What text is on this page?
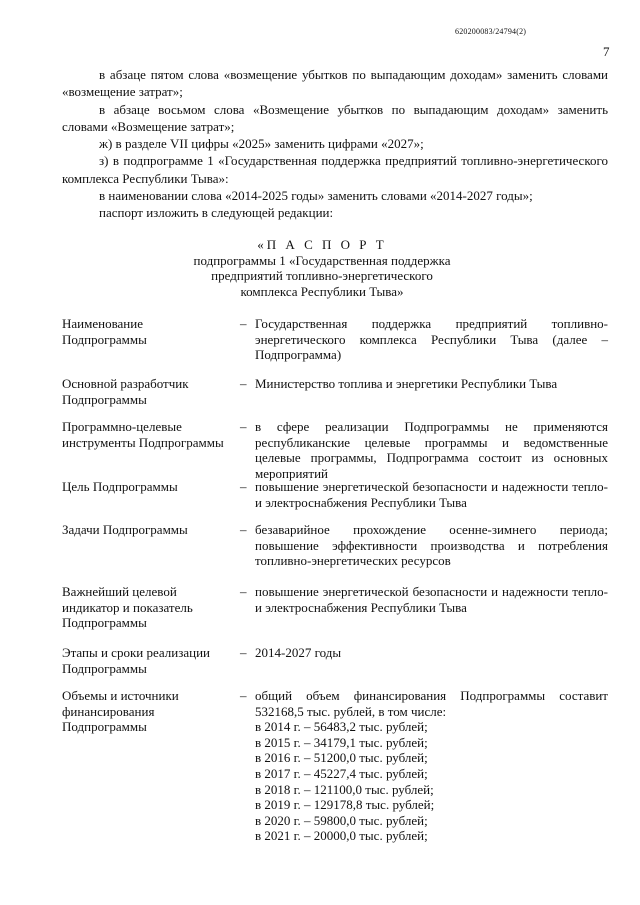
620200083/24794(2)
7

в абзаце пятом слова «возмещение убытков по выпадающим доходам» заменить словами «возмещение затрат»;

в абзаце восьмом слова «Возмещение убытков по выпадающим доходам» заменить словами «Возмещение затрат»;

ж) в разделе VII цифры «2025» заменить цифрами «2027»;

з) в подпрограмме 1 «Государственная поддержка предприятий топливно-энергетического комплекса Республики Тыва»:

в наименовании слова «2014-2025 годы» заменить словами «2014-2027 годы»;

паспорт изложить в следующей редакции:

«П А С П О Р Т
подпрограммы 1 «Государственная поддержка
предприятий топливно-энергетического
комплекса Республики Тыва»
Наименование Подпрограммы
– Государственная поддержка предприятий топливно-энергетического комплекса Республики Тыва (далее – Подпрограмма)
Основной разработчик Подпрограммы
– Министерство топлива и энергетики Республики Тыва
Программно-целевые инструменты Подпрограммы
– в сфере реализации Подпрограммы не применяются республиканские целевые программы и ведомственные целевые программы, Подпрограмма состоит из основных мероприятий
Цель Подпрограммы	– повышение энергетической безопасности и надежности тепло- и электроснабжения Республики Тыва
Задачи Подпрограммы	– безаварийное прохождение осенне-зимнего периода; повышение эффективности производства и потребления топливно-энергетических ресурсов
Важнейший целевой индикатор и показатель Подпрограммы
– повышение энергетической безопасности и надежности тепло- и электроснабжения Республики Тыва
Этапы и сроки реализации Подпрограммы
– 2014-2027 годы
Объемы и источники финансирования Подпрограммы
– общий объем финансирования Подпрограммы составит 532168,5 тыс. рублей, в том числе:
в 2014 г. – 56483,2 тыс. рублей;
в 2015 г. – 34179,1 тыс. рублей;
в 2016 г. – 51200,0 тыс. рублей;
в 2017 г. – 45227,4 тыс. рублей;
в 2018 г. – 121100,0 тыс. рублей;
в 2019 г. – 129178,8 тыс. рублей;
в 2020 г. – 59800,0 тыс. рублей;
в 2021 г. – 20000,0 тыс. рублей;
